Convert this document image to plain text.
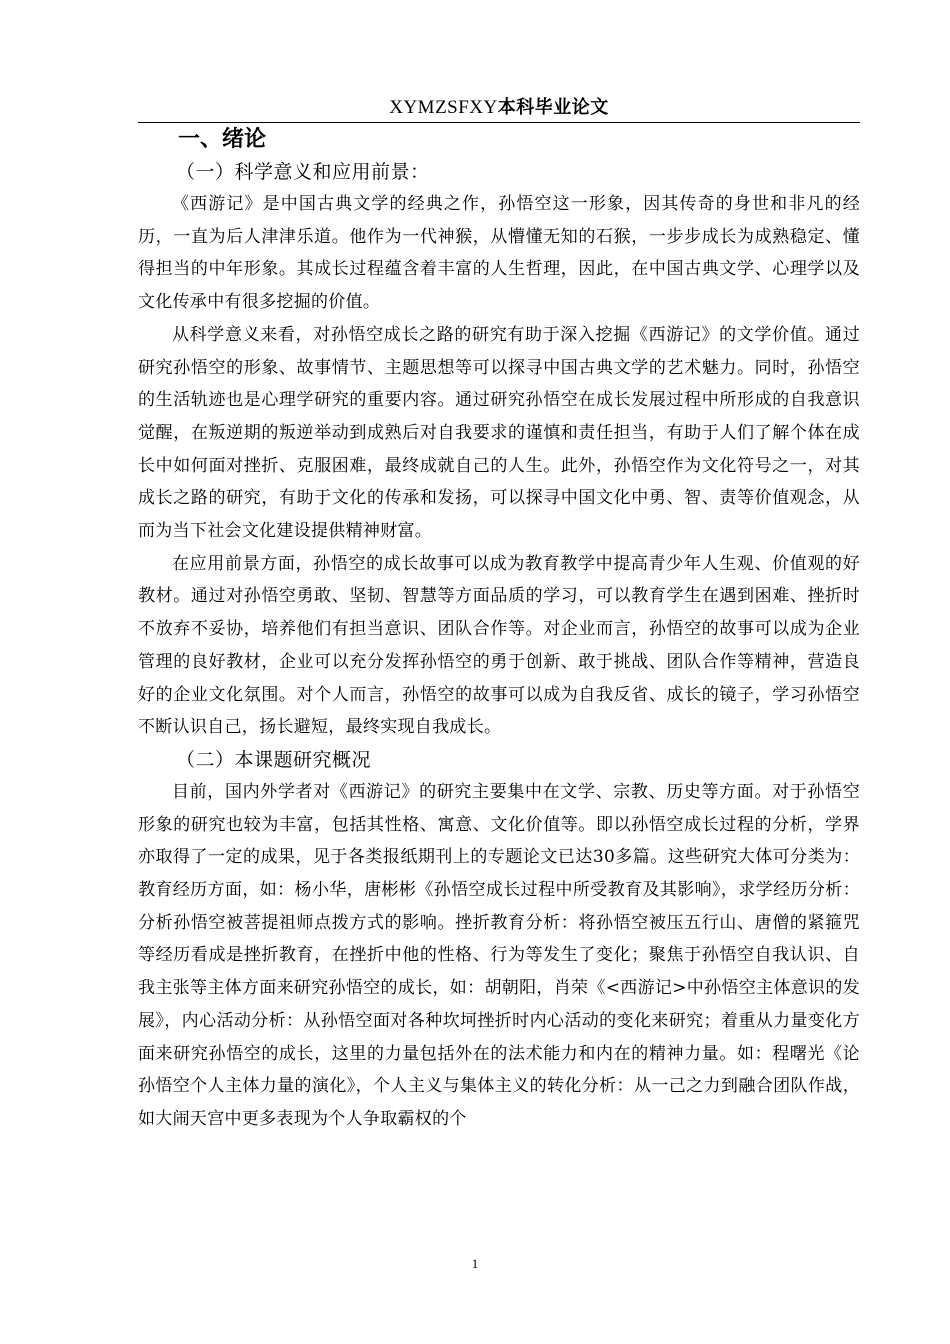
XYMZSFXY本科毕业论文
一、绪论
（一）科学意义和应用前景：

《西游记》是中国古典文学的经典之作，孙悟空这一形象，因其传奇的身世和非凡的经历，一直为后人津津乐道。他作为一代神猴，从懵懂无知的石猴，一步步成长为成熟稳定、懂得担当的中年形象。其成长过程蕴含着丰富的人生哲理，因此，在中国古典文学、心理学以及文化传承中有很多挖掘的价值。

从科学意义来看，对孙悟空成长之路的研究有助于深入挖掘《西游记》的文学价值。通过研究孙悟空的形象、故事情节、主题思想等可以探寻中国古典文学的艺术魅力。同时，孙悟空的生活轨迹也是心理学研究的重要内容。通过研究孙悟空在成长发展过程中所形成的自我意识觉醒，在叛逆期的叛逆举动到成熟后对自我要求的谨慎和责任担当，有助于人们了解个体在成长中如何面对挫折、克服困难，最终成就自己的人生。此外，孙悟空作为文化符号之一，对其成长之路的研究，有助于文化的传承和发扬，可以探寻中国文化中勇、智、责等价值观念，从而为当下社会文化建设提供精神财富。

在应用前景方面，孙悟空的成长故事可以成为教育教学中提高青少年人生观、价值观的好教材。通过对孙悟空勇敢、坚韧、智慧等方面品质的学习，可以教育学生在遇到困难、挫折时不放弃不妥协，培养他们有担当意识、团队合作等。对企业而言，孙悟空的故事可以成为企业管理的良好教材，企业可以充分发挥孙悟空的勇于创新、敢于挑战、团队合作等精神，营造良好的企业文化氛围。对个人而言，孙悟空的故事可以成为自我反省、成长的镜子，学习孙悟空不断认识自己，扬长避短，最终实现自我成长。

（二）本课题研究概况

目前，国内外学者对《西游记》的研究主要集中在文学、宗教、历史等方面。对于孙悟空形象的研究也较为丰富，包括其性格、寓意、文化价值等。即以孙悟空成长过程的分析，学界亦取得了一定的成果，见于各类报纸期刊上的专题论文已达30多篇。这些研究大体可分类为：教育经历方面，如：杨小华，唐彬彬《孙悟空成长过程中所受教育及其影响》，求学经历分析：分析孙悟空被菩提祖师点拨方式的影响。挫折教育分析：将孙悟空被压五行山、唐僧的紧箍咒等经历看成是挫折教育，在挫折中他的性格、行为等发生了变化；聚焦于孙悟空自我认识、自我主张等主体方面来研究孙悟空的成长，如：胡朝阳，肖荣《<西游记>中孙悟空主体意识的发展》，内心活动分析：从孙悟空面对各种坎坷挫折时内心活动的变化来研究；着重从力量变化方面来研究孙悟空的成长，这里的力量包括外在的法术能力和内在的精神力量。如：程曙光《论孙悟空个人主体力量的演化》，个人主义与集体主义的转化分析：从一己之力到融合团队作战，如大闹天宫中更多表现为个人争取霸权的个

1
